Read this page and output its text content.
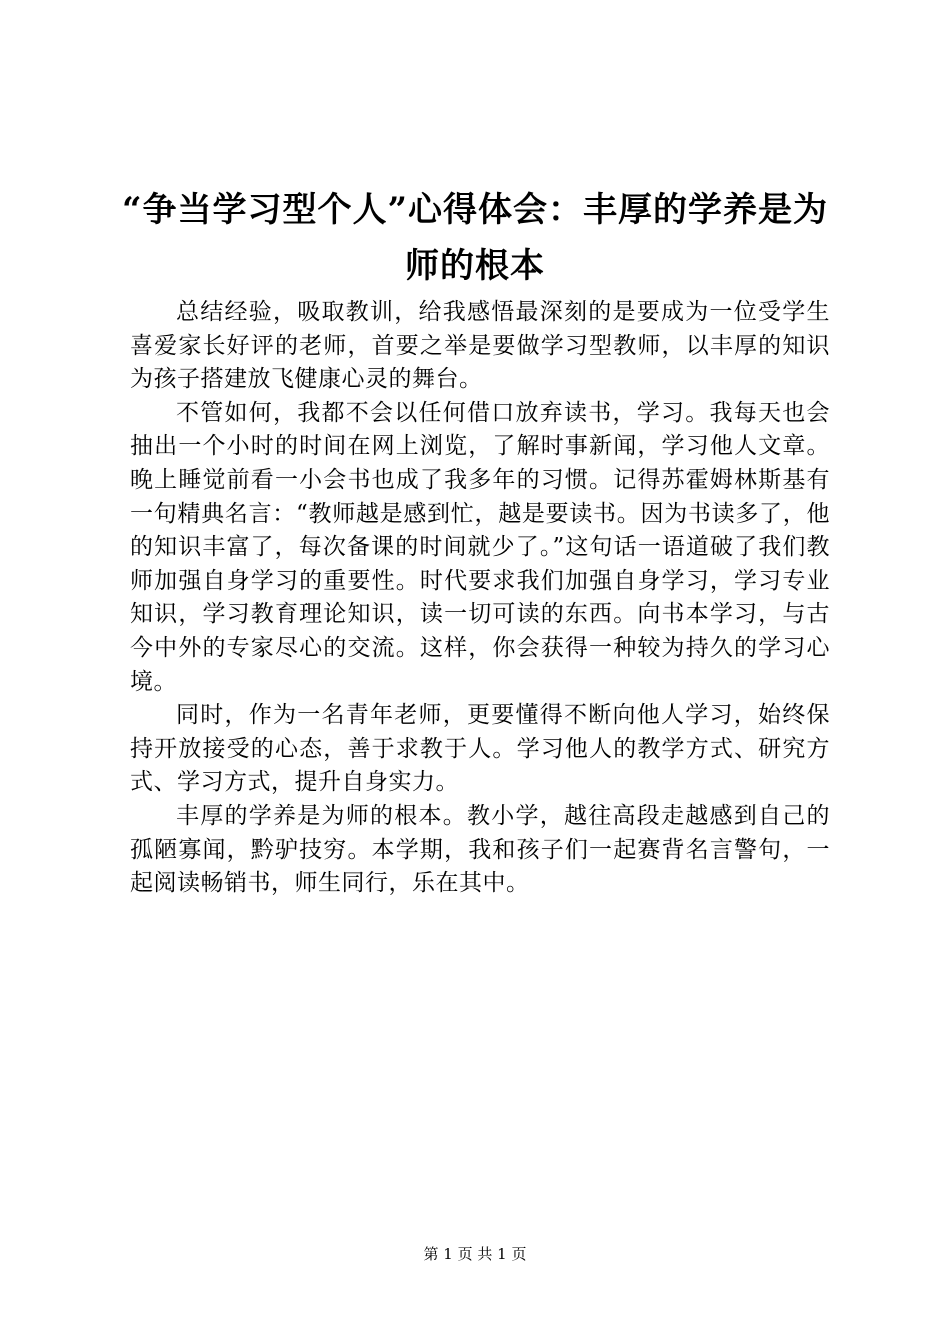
“争当学习型个人”心得体会：丰厚的学养是为师的根本

总结经验，吸取教训，给我感悟最深刻的是要成为一位受学生喜爱家长好评的老师，首要之举是要做学习型教师，以丰厚的知识为孩子搭建放飞健康心灵的舞台。

不管如何，我都不会以任何借口放弃读书，学习。我每天也会抽出一个小时的时间在网上浏览，了解时事新闻，学习他人文章。晚上睡觉前看一小会书也成了我多年的习惯。记得苏霍姆林斯基有一句精典名言：“教师越是感到忙，越是要读书。因为书读多了，他的知识丰富了，每次备课的时间就少了。”这句话一语道破了我们教师加强自身学习的重要性。时代要求我们加强自身学习，学习专业知识，学习教育理论知识，读一切可读的东西。向书本学习，与古今中外的专家尽心的交流。这样，你会获得一种较为持久的学习心境。

同时，作为一名青年老师，更要懂得不断向他人学习，始终保持开放接受的心态，善于求教于人。学习他人的教学方式、研究方式、学习方式，提升自身实力。

丰厚的学养是为师的根本。教小学，越往高段走越感到自己的孤陋寡闻，黔驴技穷。本学期，我和孩子们一起赛背名言警句，一起阅读畅销书，师生同行，乐在其中。

第 1 页 共 1 页
